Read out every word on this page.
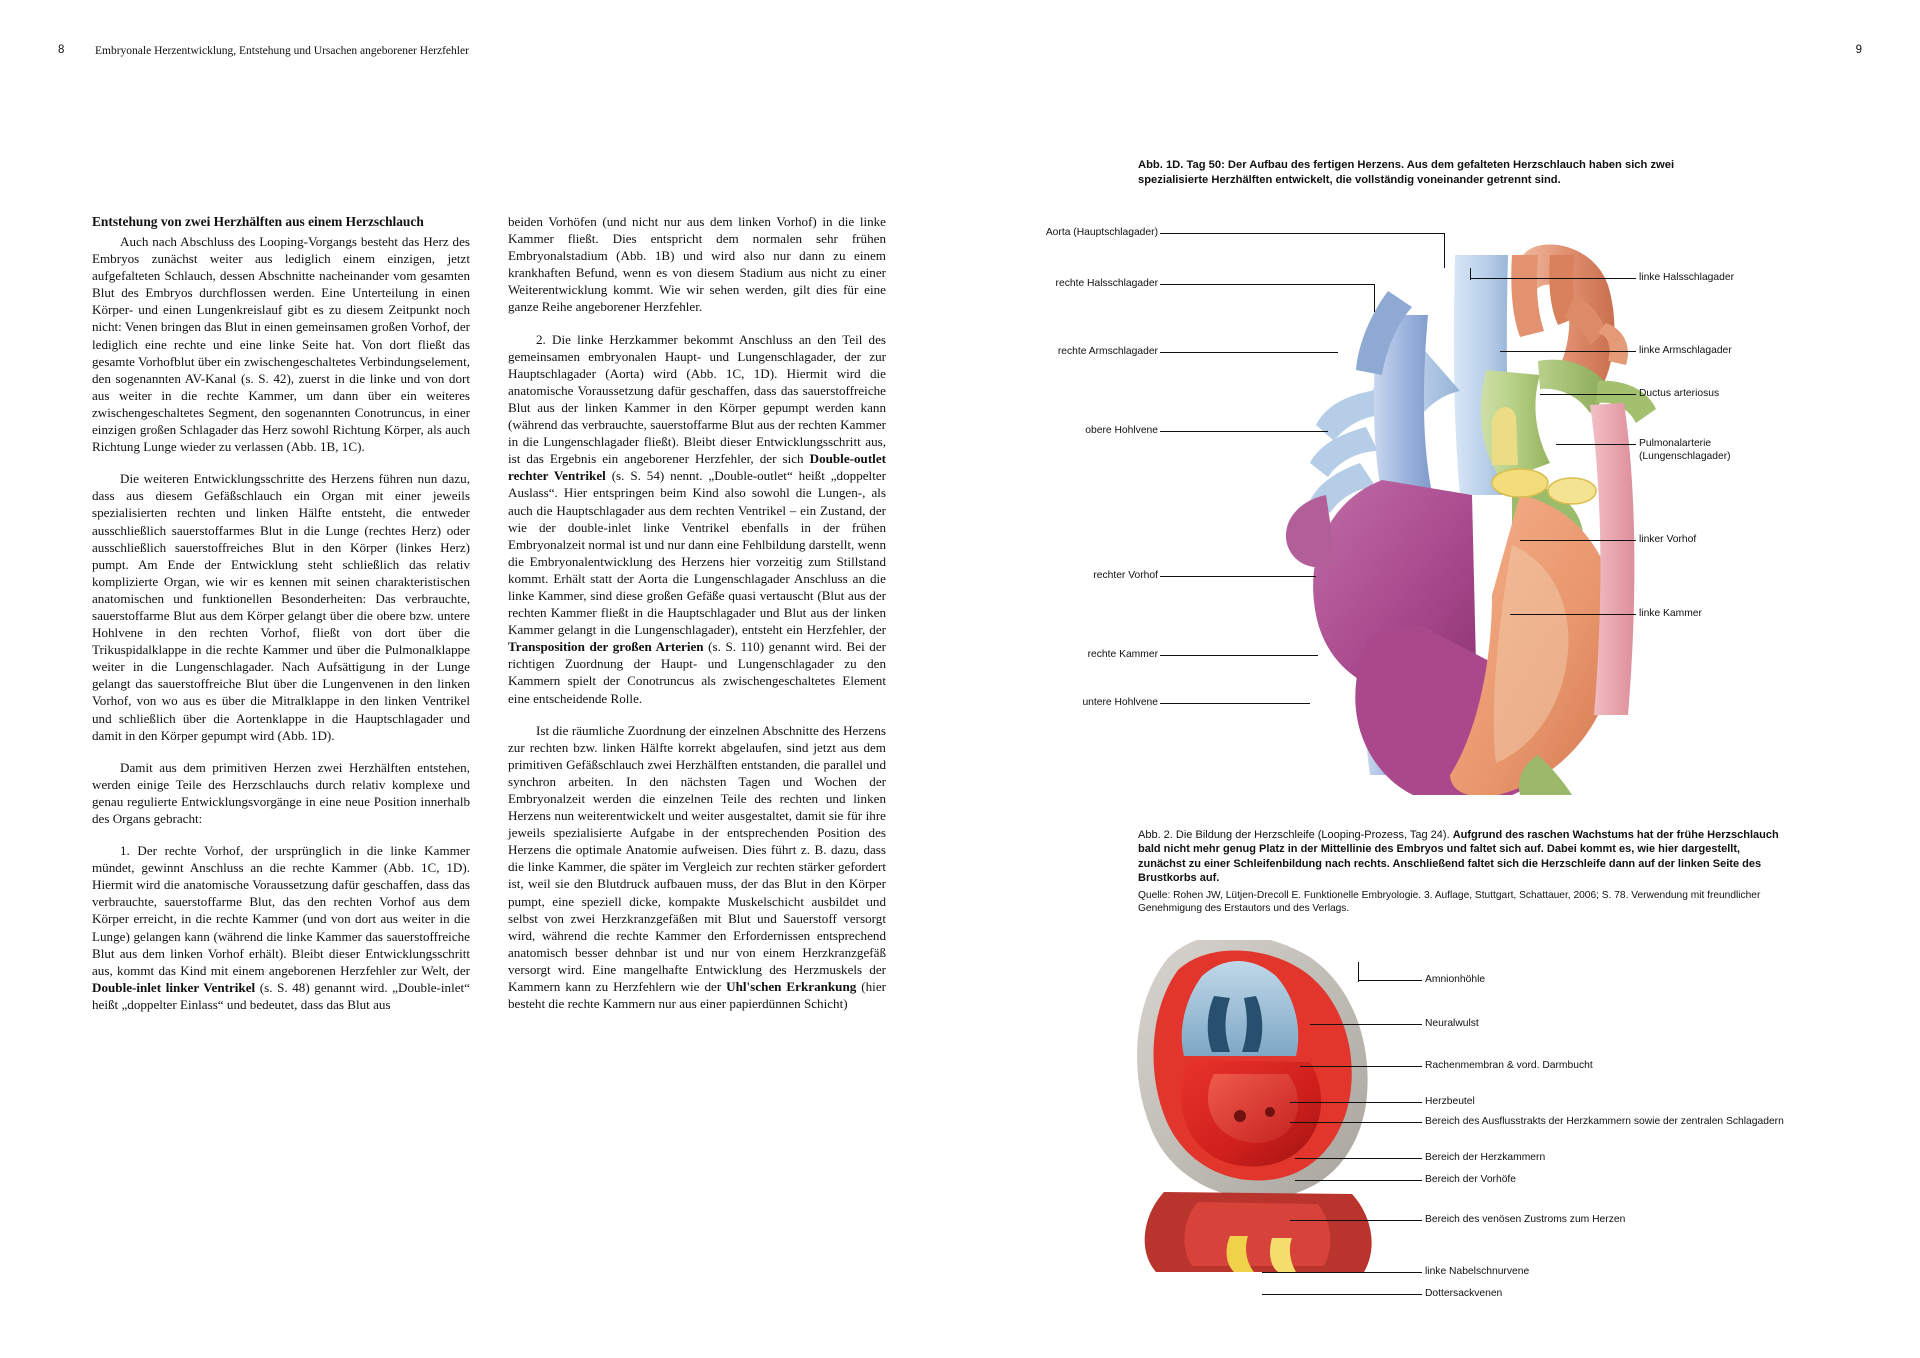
8	Embryonale Herzentwicklung, Entstehung und Ursachen angeborener Herzfehler	9
Entstehung von zwei Herzhälften aus einem Herzschlauch

Auch nach Abschluss des Looping-Vorgangs besteht das Herz des Embryos zunächst weiter aus lediglich einem einzigen, jetzt aufgefalteten Schlauch, dessen Abschnitte nacheinander vom gesamten Blut des Embryos durchflossen werden. Eine Unterteilung in einen Körper- und einen Lungenkreislauf gibt es zu diesem Zeitpunkt noch nicht: Venen bringen das Blut in einen gemeinsamen großen Vorhof, der lediglich eine rechte und eine linke Seite hat. Von dort fließt das gesamte Vorhofblut über ein zwischengeschaltetes Verbindungselement, den sogenannten AV-Kanal (s. S. 42), zuerst in die linke und von dort aus weiter in die rechte Kammer, um dann über ein weiteres zwischengeschaltetes Segment, den sogenannten Conotruncus, in einer einzigen großen Schlagader das Herz sowohl Richtung Körper, als auch Richtung Lunge wieder zu verlassen (Abb. 1B, 1C).

Die weiteren Entwicklungsschritte des Herzens führen nun dazu, dass aus diesem Gefäßschlauch ein Organ mit einer jeweils spezialisierten rechten und linken Hälfte entsteht, die entweder ausschließlich sauerstoffarmes Blut in die Lunge (rechtes Herz) oder ausschließlich sauerstoffreiches Blut in den Körper (linkes Herz) pumpt. Am Ende der Entwicklung steht schließlich das relativ komplizierte Organ, wie wir es kennen mit seinen charakteristischen anatomischen und funktionellen Besonderheiten: Das verbrauchte, sauerstoffarme Blut aus dem Körper gelangt über die obere bzw. untere Hohlvene in den rechten Vorhof, fließt von dort über die Trikuspidalklappe in die rechte Kammer und über die Pulmonalklappe weiter in die Lungenschlagader. Nach Aufsättigung in der Lunge gelangt das sauerstoffreiche Blut über die Lungenvenen in den linken Vorhof, von wo aus es über die Mitralklappe in den linken Ventrikel und schließlich über die Aortenklappe in die Hauptschlagader und damit in den Körper gepumpt wird (Abb. 1D).

Damit aus dem primitiven Herzen zwei Herzhälften entstehen, werden einige Teile des Herzschlauchs durch relativ komplexe und genau regulierte Entwicklungsvorgänge in eine neue Position innerhalb des Organs gebracht:

1. Der rechte Vorhof, der ursprünglich in die linke Kammer mündet, gewinnt Anschluss an die rechte Kammer (Abb. 1C, 1D). Hiermit wird die anatomische Voraussetzung dafür geschaffen, dass das verbrauchte, sauerstoffarme Blut, das den rechten Vorhof aus dem Körper erreicht, in die rechte Kammer (und von dort aus weiter in die Lunge) gelangen kann (während die linke Kammer das sauerstoffreiche Blut aus dem linken Vorhof erhält). Bleibt dieser Entwicklungsschritt aus, kommt das Kind mit einem angeborenen Herzfehler zur Welt, der Double-inlet linker Ventrikel (s. S. 48) genannt wird. „Double-inlet“ heißt „doppelter Einlass“ und bedeutet, dass das Blut aus

beiden Vorhöfen (und nicht nur aus dem linken Vorhof) in die linke Kammer fließt. Dies entspricht dem normalen sehr frühen Embryonalstadium (Abb. 1B) und wird also nur dann zu einem krankhaften Befund, wenn es von diesem Stadium aus nicht zu einer Weiterentwicklung kommt. Wie wir sehen werden, gilt dies für eine ganze Reihe angeborener Herzfehler.

2. Die linke Herzkammer bekommt Anschluss an den Teil des gemeinsamen embryonalen Haupt- und Lungenschlagader, der zur Hauptschlagader (Aorta) wird (Abb. 1C, 1D). Hiermit wird die anatomische Voraussetzung dafür geschaffen, dass das sauerstoffreiche Blut aus der linken Kammer in den Körper gepumpt werden kann (während das verbrauchte, sauerstoffarme Blut aus der rechten Kammer in die Lungenschlagader fließt). Bleibt dieser Entwicklungsschritt aus, ist das Ergebnis ein angeborener Herzfehler, der sich Double-outlet rechter Ventrikel (s. S. 54) nennt. „Double-outlet“ heißt „doppelter Auslass“. Hier entspringen beim Kind also sowohl die Lungen-, als auch die Hauptschlagader aus dem rechten Ventrikel – ein Zustand, der wie der double-inlet linke Ventrikel ebenfalls in der frühen Embryonalzeit normal ist und nur dann eine Fehlbildung darstellt, wenn die Embryonalentwicklung des Herzens hier vorzeitig zum Stillstand kommt. Erhält statt der Aorta die Lungenschlagader Anschluss an die linke Kammer, sind diese großen Gefäße quasi vertauscht (Blut aus der rechten Kammer fließt in die Hauptschlagader und Blut aus der linken Kammer gelangt in die Lungenschlagader), entsteht ein Herzfehler, der Transposition der großen Arterien (s. S. 110) genannt wird. Bei der richtigen Zuordnung der Haupt- und Lungenschlagader zu den Kammern spielt der Conotruncus als zwischengeschaltetes Element eine entscheidende Rolle.

Ist die räumliche Zuordnung der einzelnen Abschnitte des Herzens zur rechten bzw. linken Hälfte korrekt abgelaufen, sind jetzt aus dem primitiven Gefäßschlauch zwei Herzhälften entstanden, die parallel und synchron arbeiten. In den nächsten Tagen und Wochen der Embryonalzeit werden die einzelnen Teile des rechten und linken Herzens nun weiterentwickelt und weiter ausgestaltet, damit sie für ihre jeweils spezialisierte Aufgabe in der entsprechenden Position des Herzens die optimale Anatomie aufweisen. Dies führt z. B. dazu, dass die linke Kammer, die später im Vergleich zur rechten stärker gefordert ist, weil sie den Blutdruck aufbauen muss, der das Blut in den Körper pumpt, eine speziell dicke, kompakte Muskelschicht ausbildet und selbst von zwei Herzkranzgefäßen mit Blut und Sauerstoff versorgt wird, während die rechte Kammer den Erfordernissen entsprechend anatomisch besser dehnbar ist und nur von einem Herzkranzgefäß versorgt wird. Eine mangelhafte Entwicklung des Herzmuskels der Kammern kann zu Herzfehlern wie der Uhl'schen Erkrankung (hier besteht die rechte Kammern nur aus einer papierdünnen Schicht)

Abb. 1D. Tag 50: Der Aufbau des fertigen Herzens. Aus dem gefalteten Herzschlauch haben sich zwei spezialisierte Herzhälften entwickelt, die vollständig voneinander getrennt sind.
Aorta (Hauptschlagader)
rechte Halsschlagader
rechte Armschlagader
obere Hohlvene
rechter Vorhof
rechte Kammer
untere Hohlvene
linke Halsschlagader
linke Armschlagader
Ductus arteriosus
Pulmonalarterie (Lungenschlagader)
linker Vorhof
linke Kammer
Abb. 2. Die Bildung der Herzschleife (Looping-Prozess, Tag 24). Aufgrund des raschen Wachstums hat der frühe Herzschlauch bald nicht mehr genug Platz in der Mittellinie des Embryos und faltet sich auf. Dabei kommt es, wie hier dargestellt, zunächst zu einer Schleifenbildung nach rechts. Anschließend faltet sich die Herzschleife dann auf der linken Seite des Brustkorbs auf.
Quelle: Rohen JW, Lütjen-Drecoll E. Funktionelle Embryologie. 3. Auflage, Stuttgart, Schattauer, 2006; S. 78. Verwendung mit freundlicher Genehmigung des Erstautors und des Verlags.
Amnionhöhle
Neuralwulst
Rachenmembran & vord. Darmbucht
Herzbeutel
Bereich des Ausflusstrakts der Herzkammern sowie der zentralen Schlagadern
Bereich der Herzkammern
Bereich der Vorhöfe
Bereich des venösen Zustroms zum Herzen
linke Nabelschnurvene
Dottersackvenen
